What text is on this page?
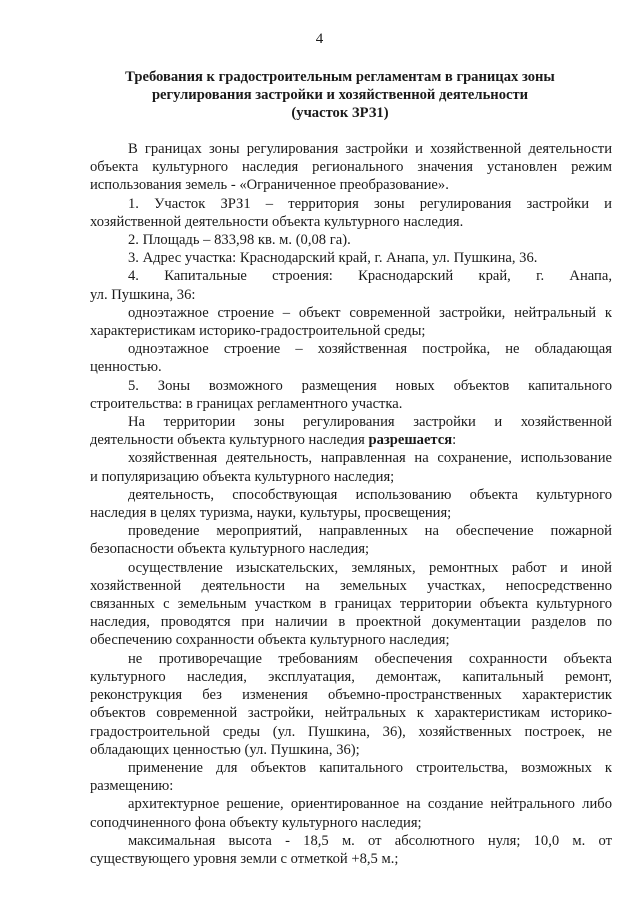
4
Требования к градостроительным регламентам в границах зоны
регулирования застройки и хозяйственной деятельности
(участок ЗРЗ1)
В границах зоны регулирования застройки и хозяйственной деятельности
объекта культурного наследия регионального значения установлен режим
использования земель - «Ограниченное преобразование».
1. Участок ЗРЗ1 – территория зоны регулирования застройки и
хозяйственной деятельности объекта культурного наследия.
2. Площадь – 833,98 кв. м. (0,08 га).
3. Адрес участка: Краснодарский край, г. Анапа, ул. Пушкина, 36.
4. Капитальные строения: Краснодарский край, г. Анапа,
ул. Пушкина, 36:
одноэтажное строение – объект современной застройки, нейтральный к
характеристикам историко-градостроительной среды;
одноэтажное строение – хозяйственная постройка, не обладающая
ценностью.
5. Зоны возможного размещения новых объектов капитального
строительства: в границах регламентного участка.
На территории зоны регулирования застройки и хозяйственной
деятельности объекта культурного наследия разрешается:
хозяйственная деятельность, направленная на сохранение, использование
и популяризацию объекта культурного наследия;
деятельность, способствующая использованию объекта культурного
наследия в целях туризма, науки, культуры, просвещения;
проведение мероприятий, направленных на обеспечение пожарной
безопасности объекта культурного наследия;
осуществление изыскательских, земляных, ремонтных работ и иной
хозяйственной деятельности на земельных участках, непосредственно
связанных с земельным участком в границах территории объекта культурного
наследия, проводятся при наличии в проектной документации разделов по
обеспечению сохранности объекта культурного наследия;
не противоречащие требованиям обеспечения сохранности объекта
культурного наследия, эксплуатация, демонтаж, капитальный ремонт,
реконструкция без изменения объемно-пространственных характеристик
объектов современной застройки, нейтральных к характеристикам историко-
градостроительной среды (ул. Пушкина, 36), хозяйственных построек, не
обладающих ценностью (ул. Пушкина, 36);
применение для объектов капитального строительства, возможных к
размещению:
архитектурное решение, ориентированное на создание нейтрального либо
соподчиненного фона объекту культурного наследия;
максимальная высота - 18,5 м. от абсолютного нуля; 10,0 м. от
существующего уровня земли с отметкой +8,5 м.;
